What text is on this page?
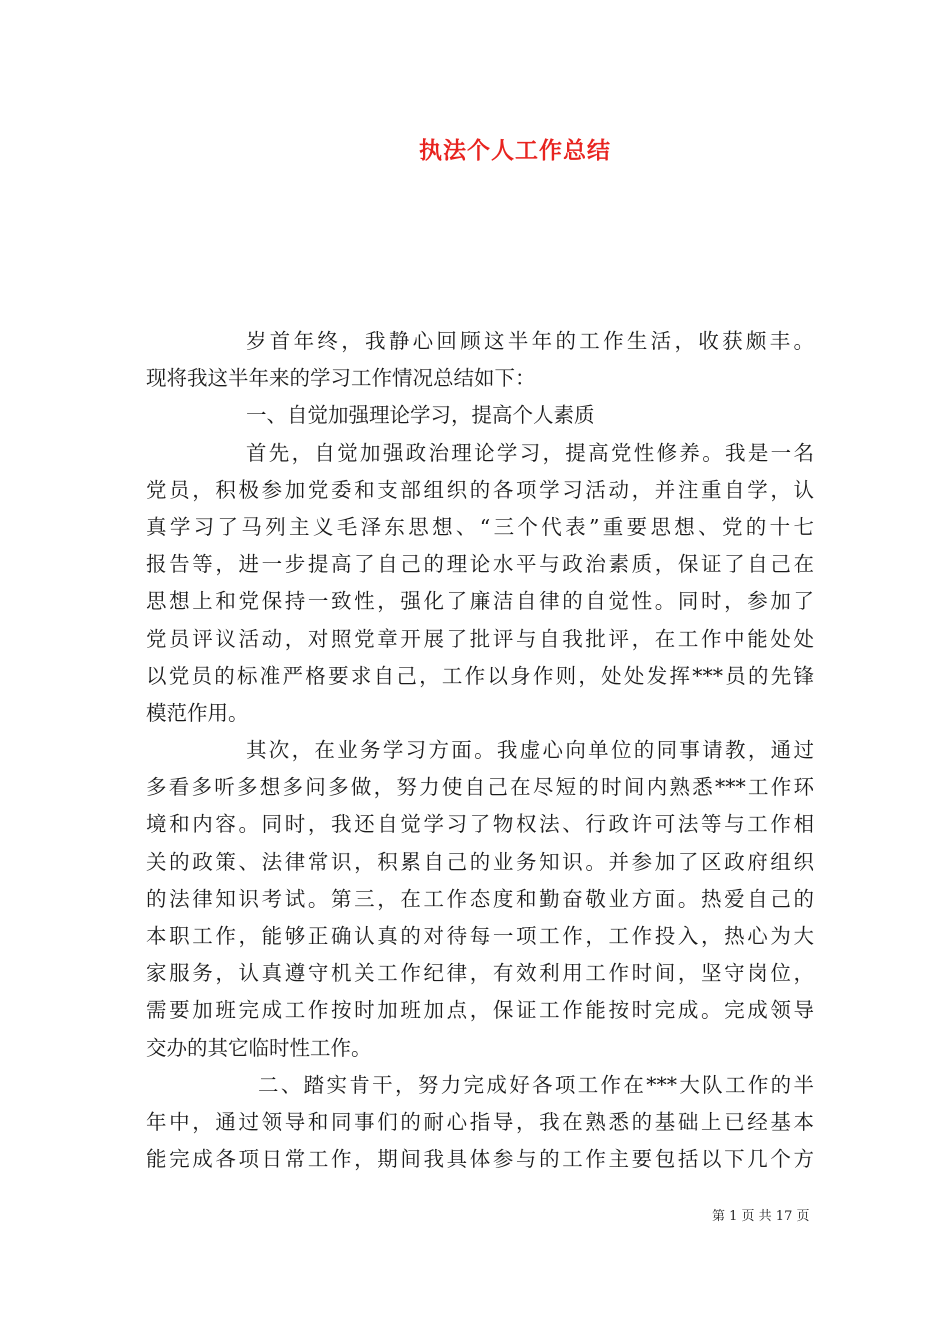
执法个人工作总结
岁首年终，我静心回顾这半年的工作生活，收获颇丰。
现将我这半年来的学习工作情况总结如下：
一、自觉加强理论学习，提高个人素质
首先，自觉加强政治理论学习，提高党性修养。我是一名
党员，积极参加党委和支部组织的各项学习活动，并注重自学，认
真学习了马列主义毛泽东思想、“三个代表”重要思想、党的十七
报告等，进一步提高了自己的理论水平与政治素质，保证了自己在
思想上和党保持一致性，强化了廉洁自律的自觉性。同时，参加了
党员评议活动，对照党章开展了批评与自我批评，在工作中能处处
以党员的标准严格要求自己，工作以身作则，处处发挥***员的先锋
模范作用。
其次，在业务学习方面。我虚心向单位的同事请教，通过
多看多听多想多问多做，努力使自己在尽短的时间内熟悉***工作环
境和内容。同时，我还自觉学习了物权法、行政许可法等与工作相
关的政策、法律常识，积累自己的业务知识。并参加了区政府组织
的法律知识考试。第三，在工作态度和勤奋敬业方面。热爱自己的
本职工作，能够正确认真的对待每一项工作，工作投入，热心为大
家服务，认真遵守机关工作纪律，有效利用工作时间，坚守岗位，
需要加班完成工作按时加班加点，保证工作能按时完成。完成领导
交办的其它临时性工作。
二、踏实肯干，努力完成好各项工作在***大队工作的半
年中，通过领导和同事们的耐心指导，我在熟悉的基础上已经基本
能完成各项日常工作，期间我具体参与的工作主要包括以下几个方
第 1 页 共 17 页
